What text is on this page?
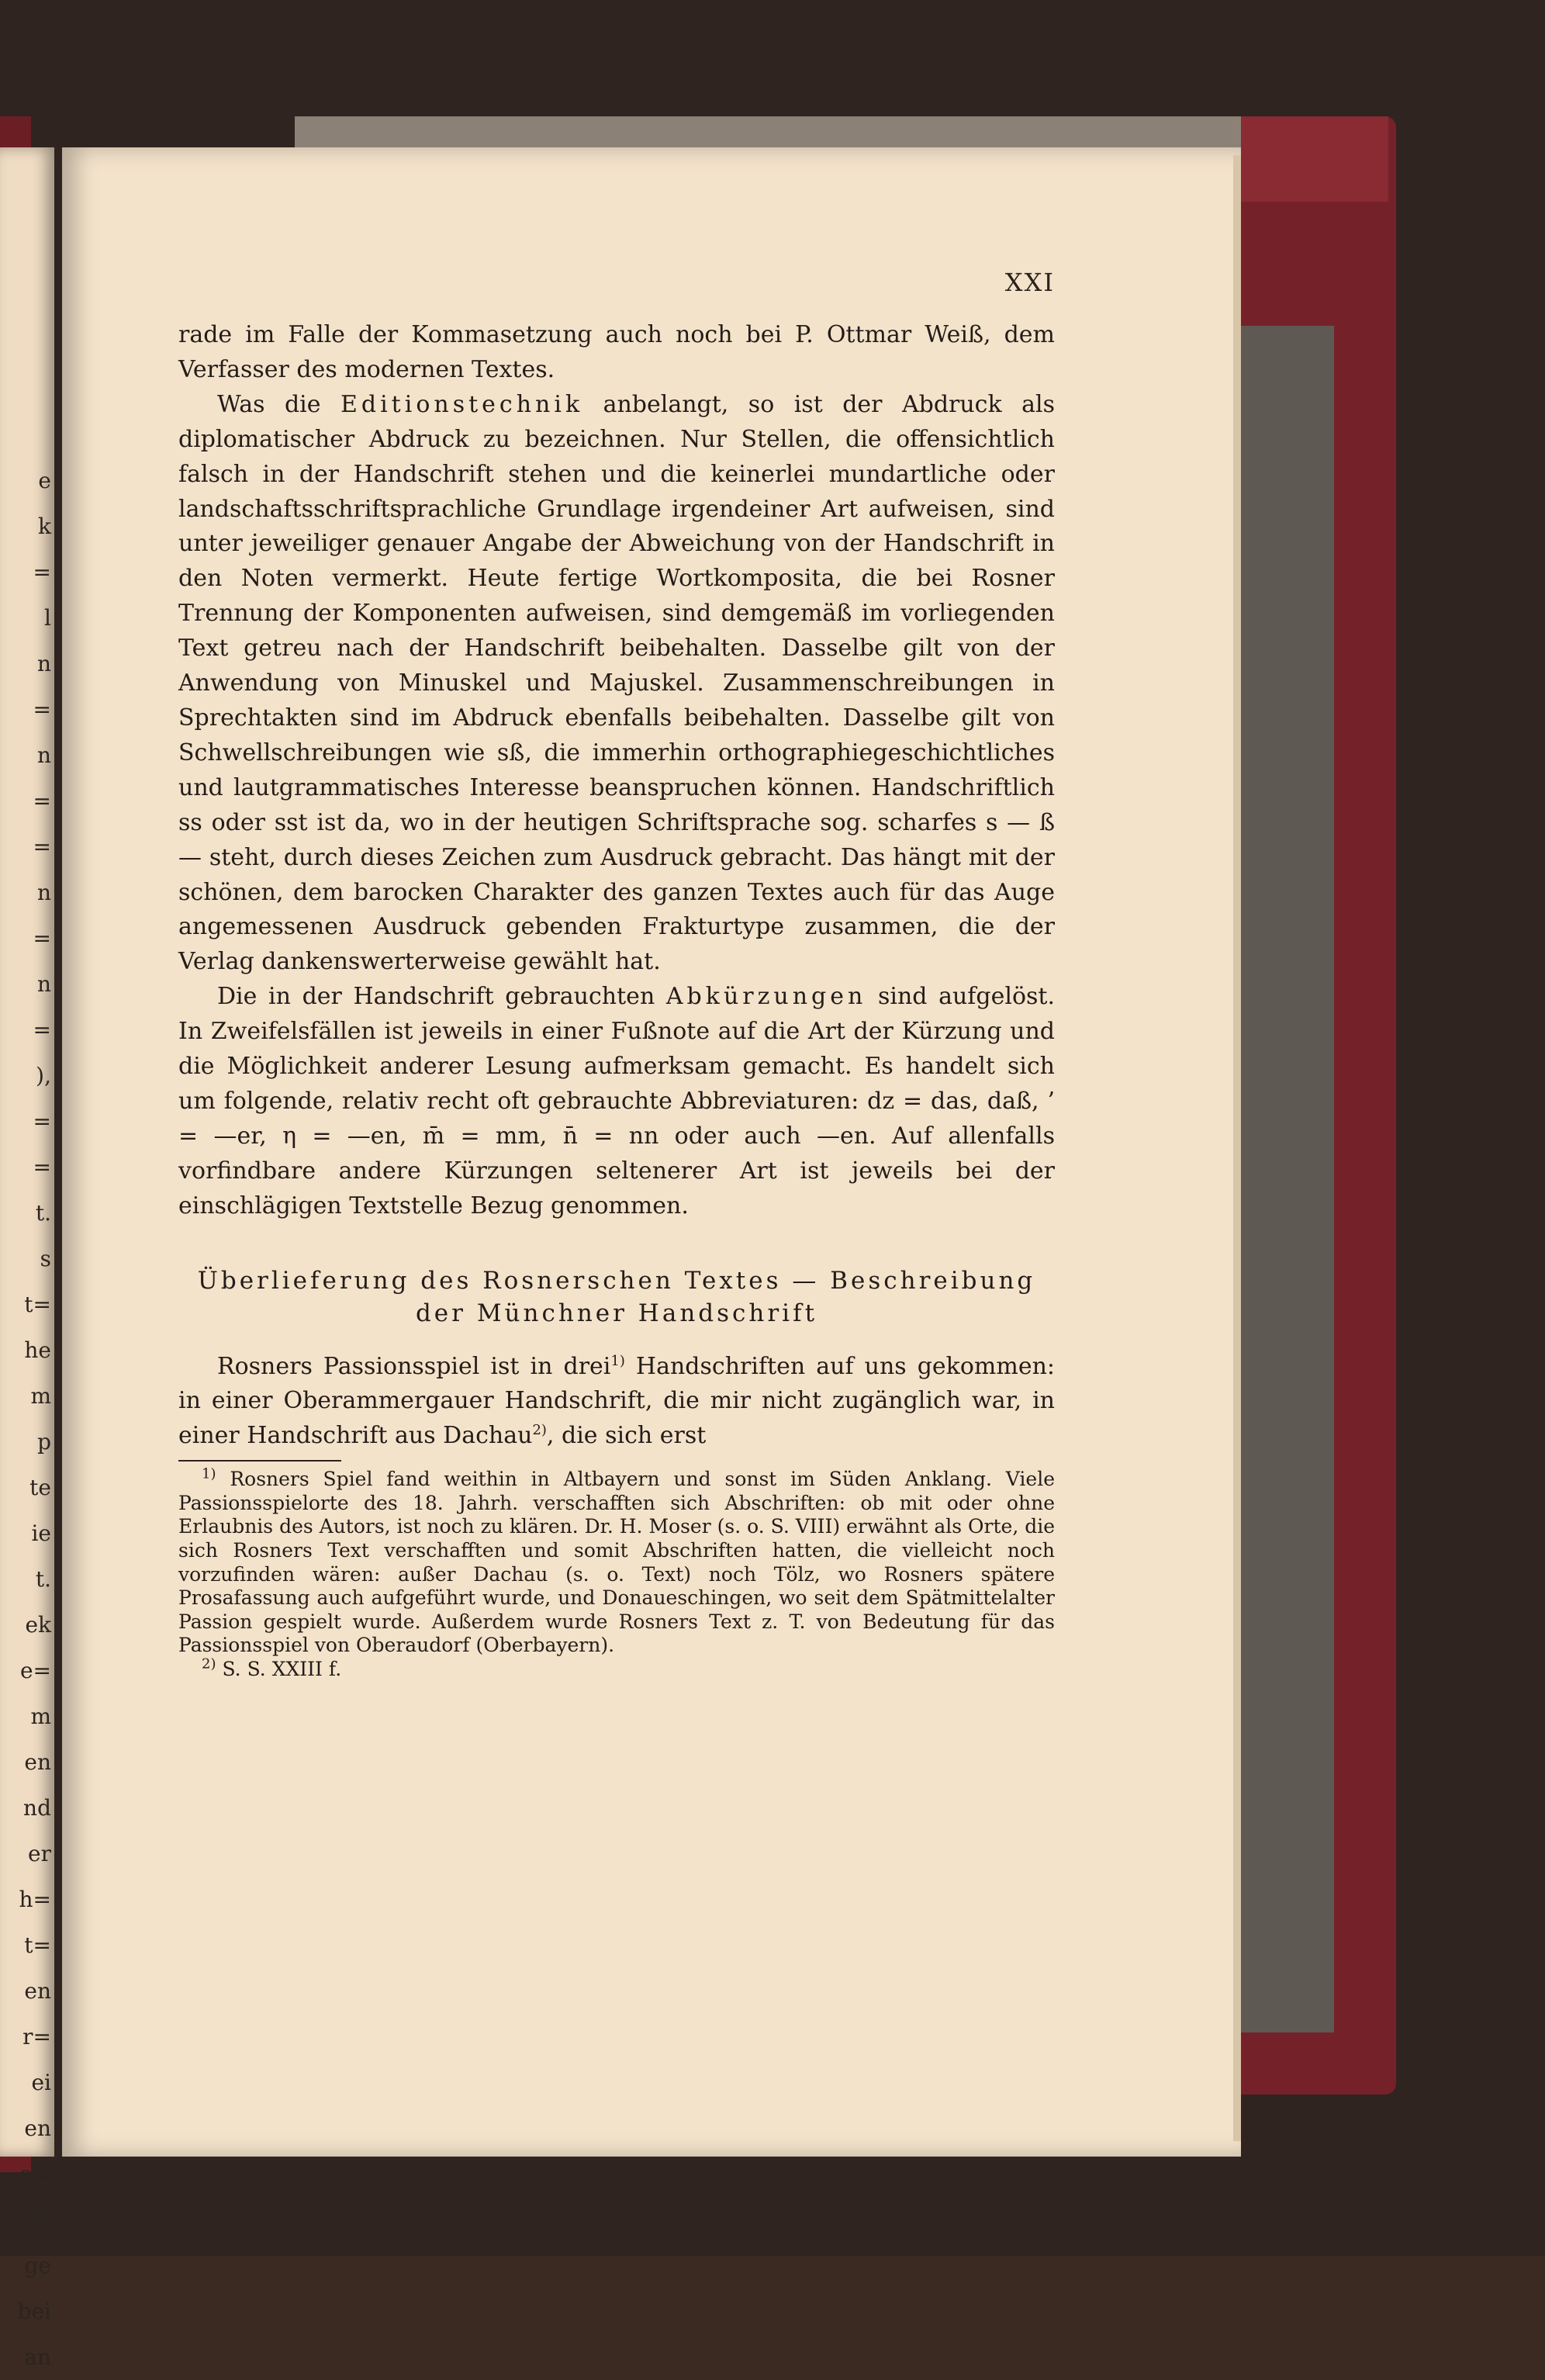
e
k
=
l
n
=
n
=
=
n
=
n
=
),
=
=
t.
s
t=
he
m
p
te
ie
t.
ek
e=
m
en
nd
er
h=
t=
en
r=
ei
en
a=
r=
ge
bei
an
XXI

rade im Falle der Kommasetzung auch noch bei P. Ottmar Weiß, dem Verfasser des modernen Textes.

Was die Editionstechnik anbelangt, so ist der Abdruck als diplomatischer Abdruck zu bezeichnen. Nur Stellen, die offensichtlich falsch in der Handschrift stehen und die keinerlei mundartliche oder landschaftsschriftsprachliche Grundlage irgendeiner Art aufweisen, sind unter jeweiliger genauer Angabe der Abweichung von der Handschrift in den Noten vermerkt. Heute fertige Wortkomposita, die bei Rosner Trennung der Komponenten aufweisen, sind demgemäß im vorliegenden Text getreu nach der Handschrift beibehalten. Dasselbe gilt von der Anwendung von Minuskel und Majuskel. Zusammenschreibungen in Sprechtakten sind im Abdruck ebenfalls beibehalten. Dasselbe gilt von Schwellschreibungen wie sß, die immerhin orthographiegeschichtliches und lautgrammatisches Interesse beanspruchen können. Handschriftlich ss oder sst ist da, wo in der heutigen Schriftsprache sog. scharfes s — ß — steht, durch dieses Zeichen zum Ausdruck gebracht. Das hängt mit der schönen, dem barocken Charakter des ganzen Textes auch für das Auge angemessenen Ausdruck gebenden Frakturtype zusammen, die der Verlag dankenswerterweise gewählt hat.

Die in der Handschrift gebrauchten Abkürzungen sind aufgelöst. In Zweifelsfällen ist jeweils in einer Fußnote auf die Art der Kürzung und die Möglichkeit anderer Lesung aufmerksam gemacht. Es handelt sich um folgende, relativ recht oft gebrauchte Abbreviaturen: dz = das, daß, ’ = —er, η = —en, m̄ = mm, n̄ = nn oder auch —en. Auf allenfalls vorfindbare andere Kürzungen seltenerer Art ist jeweils bei der einschlägigen Textstelle Bezug genommen.

Überlieferung des Rosnerschen Textes — Beschreibung der Münchner Handschrift

Rosners Passionsspiel ist in drei$^{1)}$ Handschriften auf uns gekommen: in einer Oberammergauer Handschrift, die mir nicht zugänglich war, in einer Handschrift aus Dachau$^{2)}$, die sich erst

$^{1)}$ Rosners Spiel fand weithin in Altbayern und sonst im Süden Anklang. Viele Passionsspielorte des 18. Jahrh. verschafften sich Abschriften: ob mit oder ohne Erlaubnis des Autors, ist noch zu klären. Dr. H. Moser (s. o. S. VIII) erwähnt als Orte, die sich Rosners Text verschafften und somit Abschriften hatten, die vielleicht noch vorzufinden wären: außer Dachau (s. o. Text) noch Tölz, wo Rosners spätere Prosafassung auch aufgeführt wurde, und Donaueschingen, wo seit dem Spätmittelalter Passion gespielt wurde. Außerdem wurde Rosners Text z. T. von Bedeutung für das Passionsspiel von Oberaudorf (Oberbayern).

$^{2)}$ S. S. XXIII f.
